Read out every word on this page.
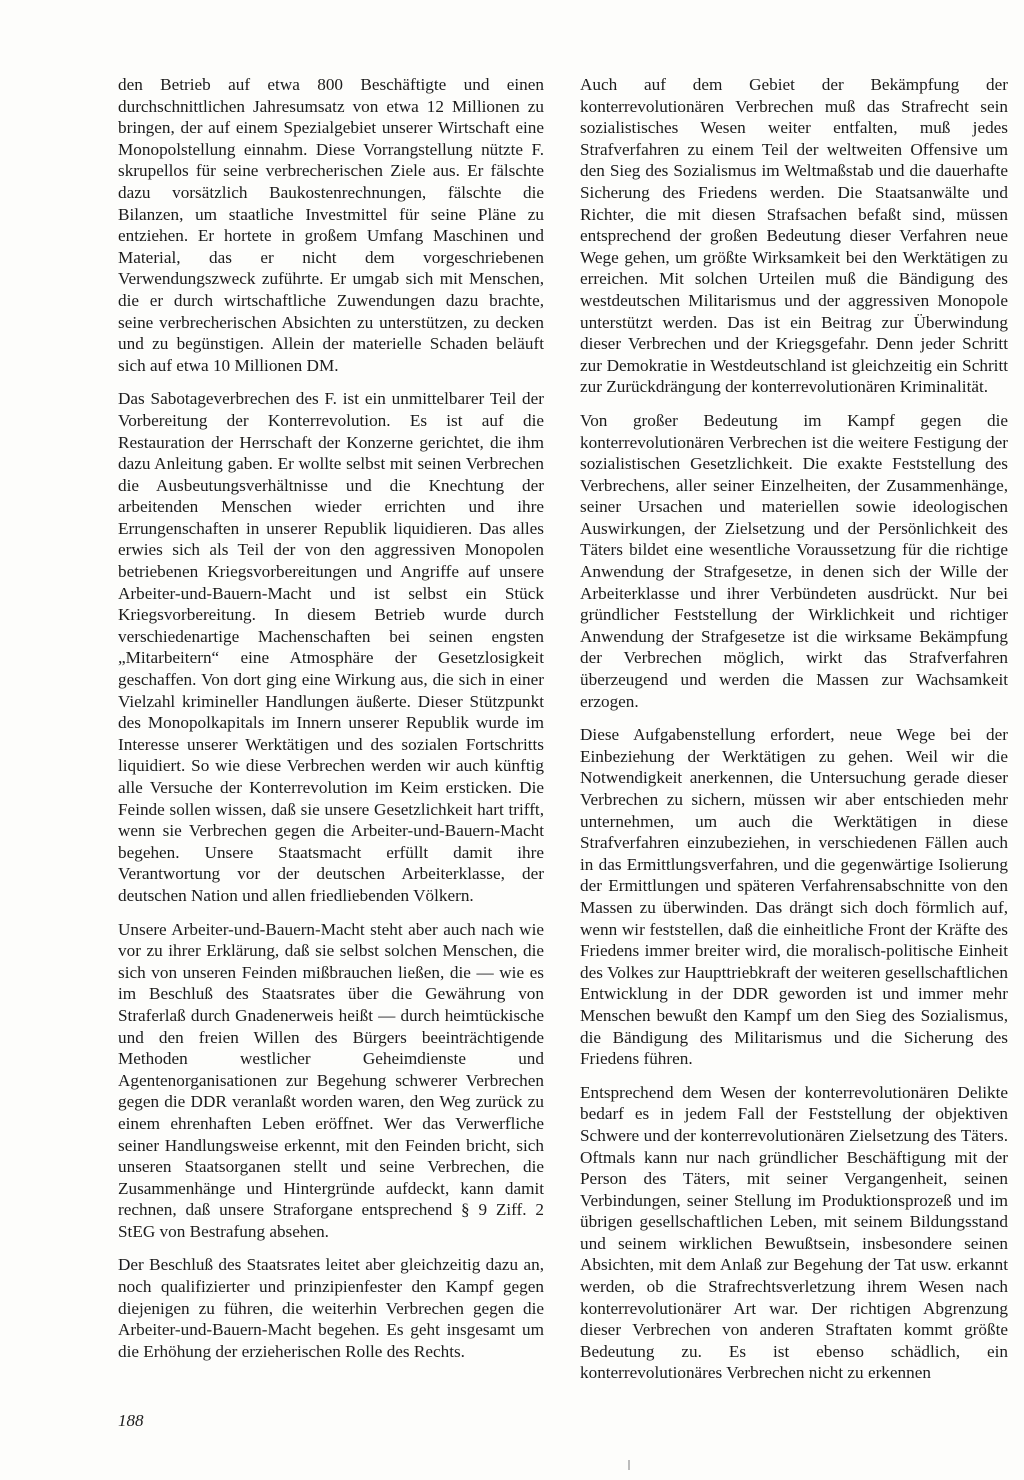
den Betrieb auf etwa 800 Beschäftigte und einen durchschnittlichen Jahresumsatz von etwa 12 Millionen zu bringen, der auf einem Spezialgebiet unserer Wirtschaft eine Monopolstellung einnahm. Diese Vorrangstellung nützte F. skrupellos für seine verbrecherischen Ziele aus. Er fälschte dazu vorsätzlich Baukostenrechnungen, fälschte die Bilanzen, um staatliche Investmittel für seine Pläne zu entziehen. Er hortete in großem Umfang Maschinen und Material, das er nicht dem vorgeschriebenen Verwendungszweck zuführte. Er umgab sich mit Menschen, die er durch wirtschaftliche Zuwendungen dazu brachte, seine verbrecherischen Absichten zu unterstützen, zu decken und zu begünstigen. Allein der materielle Schaden beläuft sich auf etwa 10 Millionen DM.

Das Sabotageverbrechen des F. ist ein unmittelbarer Teil der Vorbereitung der Konterrevolution. Es ist auf die Restauration der Herrschaft der Konzerne gerichtet, die ihm dazu Anleitung gaben. Er wollte selbst mit seinen Verbrechen die Ausbeutungsverhältnisse und die Knechtung der arbeitenden Menschen wieder errichten und ihre Errungenschaften in unserer Republik liquidieren. Das alles erwies sich als Teil der von den aggressiven Monopolen betriebenen Kriegsvorbereitungen und Angriffe auf unsere Arbeiter-und-Bauern-Macht und ist selbst ein Stück Kriegsvorbereitung. In diesem Betrieb wurde durch verschiedenartige Machenschaften bei seinen engsten „Mitarbeitern“ eine Atmosphäre der Gesetzlosigkeit geschaffen. Von dort ging eine Wirkung aus, die sich in einer Vielzahl krimineller Handlungen äußerte. Dieser Stützpunkt des Monopolkapitals im Innern unserer Republik wurde im Interesse unserer Werktätigen und des sozialen Fortschritts liquidiert. So wie diese Verbrechen werden wir auch künftig alle Versuche der Konterrevolution im Keim ersticken. Die Feinde sollen wissen, daß sie unsere Gesetzlichkeit hart trifft, wenn sie Verbrechen gegen die Arbeiter-und-Bauern-Macht begehen. Unsere Staatsmacht erfüllt damit ihre Verantwortung vor der deutschen Arbeiterklasse, der deutschen Nation und allen friedliebenden Völkern.

Unsere Arbeiter-und-Bauern-Macht steht aber auch nach wie vor zu ihrer Erklärung, daß sie selbst solchen Menschen, die sich von unseren Feinden mißbrauchen ließen, die — wie es im Beschluß des Staatsrates über die Gewährung von Straferlaß durch Gnadenerweis heißt — durch heimtückische und den freien Willen des Bürgers beeinträchtigende Methoden westlicher Geheimdienste und Agentenorganisationen zur Begehung schwerer Verbrechen gegen die DDR veranlaßt worden waren, den Weg zurück zu einem ehrenhaften Leben eröffnet. Wer das Verwerfliche seiner Handlungsweise erkennt, mit den Feinden bricht, sich unseren Staatsorganen stellt und seine Verbrechen, die Zusammenhänge und Hintergründe aufdeckt, kann damit rechnen, daß unsere Straforgane entsprechend § 9 Ziff. 2 StEG von Bestrafung absehen.

Der Beschluß des Staatsrates leitet aber gleichzeitig dazu an, noch qualifizierter und prinzipienfester den Kampf gegen diejenigen zu führen, die weiterhin Verbrechen gegen die Arbeiter-und-Bauern-Macht begehen. Es geht insgesamt um die Erhöhung der erzieherischen Rolle des Rechts.

Auch auf dem Gebiet der Bekämpfung der konterrevolutionären Verbrechen muß das Strafrecht sein sozialistisches Wesen weiter entfalten, muß jedes Strafverfahren zu einem Teil der weltweiten Offensive um den Sieg des Sozialismus im Weltmaßstab und die dauerhafte Sicherung des Friedens werden. Die Staatsanwälte und Richter, die mit diesen Strafsachen befaßt sind, müssen entsprechend der großen Bedeutung dieser Verfahren neue Wege gehen, um größte Wirksamkeit bei den Werktätigen zu erreichen. Mit solchen Urteilen muß die Bändigung des westdeutschen Militarismus und der aggressiven Monopole unterstützt werden. Das ist ein Beitrag zur Überwindung dieser Verbrechen und der Kriegsgefahr. Denn jeder Schritt zur Demokratie in Westdeutschland ist gleichzeitig ein Schritt zur Zurückdrängung der konterrevolutionären Kriminalität.

Von großer Bedeutung im Kampf gegen die konterrevolutionären Verbrechen ist die weitere Festigung der sozialistischen Gesetzlichkeit. Die exakte Feststellung des Verbrechens, aller seiner Einzelheiten, der Zusammenhänge, seiner Ursachen und materiellen sowie ideologischen Auswirkungen, der Zielsetzung und der Persönlichkeit des Täters bildet eine wesentliche Voraussetzung für die richtige Anwendung der Strafgesetze, in denen sich der Wille der Arbeiterklasse und ihrer Verbündeten ausdrückt. Nur bei gründlicher Feststellung der Wirklichkeit und richtiger Anwendung der Strafgesetze ist die wirksame Bekämpfung der Verbrechen möglich, wirkt das Strafverfahren überzeugend und werden die Massen zur Wachsamkeit erzogen.

Diese Aufgabenstellung erfordert, neue Wege bei der Einbeziehung der Werktätigen zu gehen. Weil wir die Notwendigkeit anerkennen, die Untersuchung gerade dieser Verbrechen zu sichern, müssen wir aber entschieden mehr unternehmen, um auch die Werktätigen in diese Strafverfahren einzubeziehen, in verschiedenen Fällen auch in das Ermittlungsverfahren, und die gegenwärtige Isolierung der Ermittlungen und späteren Verfahrensabschnitte von den Massen zu überwinden. Das drängt sich doch förmlich auf, wenn wir feststellen, daß die einheitliche Front der Kräfte des Friedens immer breiter wird, die moralisch-politische Einheit des Volkes zur Haupttriebkraft der weiteren gesellschaftlichen Entwicklung in der DDR geworden ist und immer mehr Menschen bewußt den Kampf um den Sieg des Sozialismus, die Bändigung des Militarismus und die Sicherung des Friedens führen.

Entsprechend dem Wesen der konterrevolutionären Delikte bedarf es in jedem Fall der Feststellung der objektiven Schwere und der konterrevolutionären Zielsetzung des Täters. Oftmals kann nur nach gründlicher Beschäftigung mit der Person des Täters, mit seiner Vergangenheit, seinen Verbindungen, seiner Stellung im Produktionsprozeß und im übrigen gesellschaftlichen Leben, mit seinem Bildungsstand und seinem wirklichen Bewußtsein, insbesondere seinen Absichten, mit dem Anlaß zur Begehung der Tat usw. erkannt werden, ob die Strafrechtsverletzung ihrem Wesen nach konterrevolutionärer Art war. Der richtigen Abgrenzung dieser Verbrechen von anderen Straftaten kommt größte Bedeutung zu. Es ist ebenso schädlich, ein konterrevolutionäres Verbrechen nicht zu erkennen

188
